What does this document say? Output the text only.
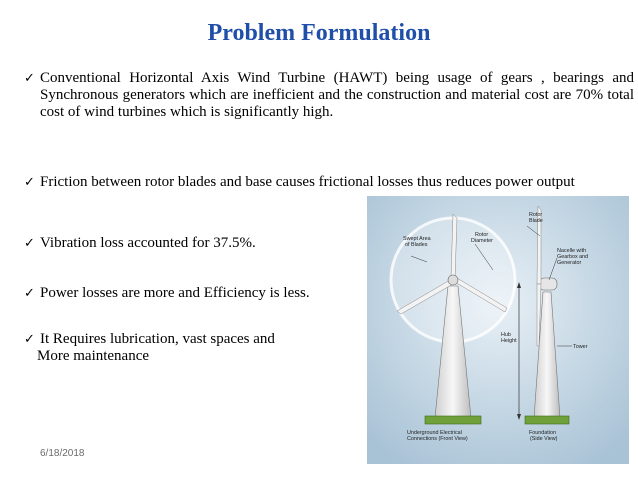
Problem Formulation
✓ Conventional Horizontal Axis Wind Turbine (HAWT) being usage of gears , bearings and Synchronous generators which are inefficient and the construction and material cost are 70% total cost of wind turbines which is significantly high.
✓ Friction between rotor blades and base causes frictional losses thus reduces power output
✓ Vibration loss accounted for 37.5%.
✓ Power losses are more and Efficiency is less.
✓ It Requires lubrication, vast spaces and
More maintenance
Swept Area of Blades
Rotor Diameter
Rotor Blade
Nacelle with Gearbox and Generator
Hub Height
Tower
Underground Electrical Connections (Front View)
Foundation (Side View)
6/18/2018
